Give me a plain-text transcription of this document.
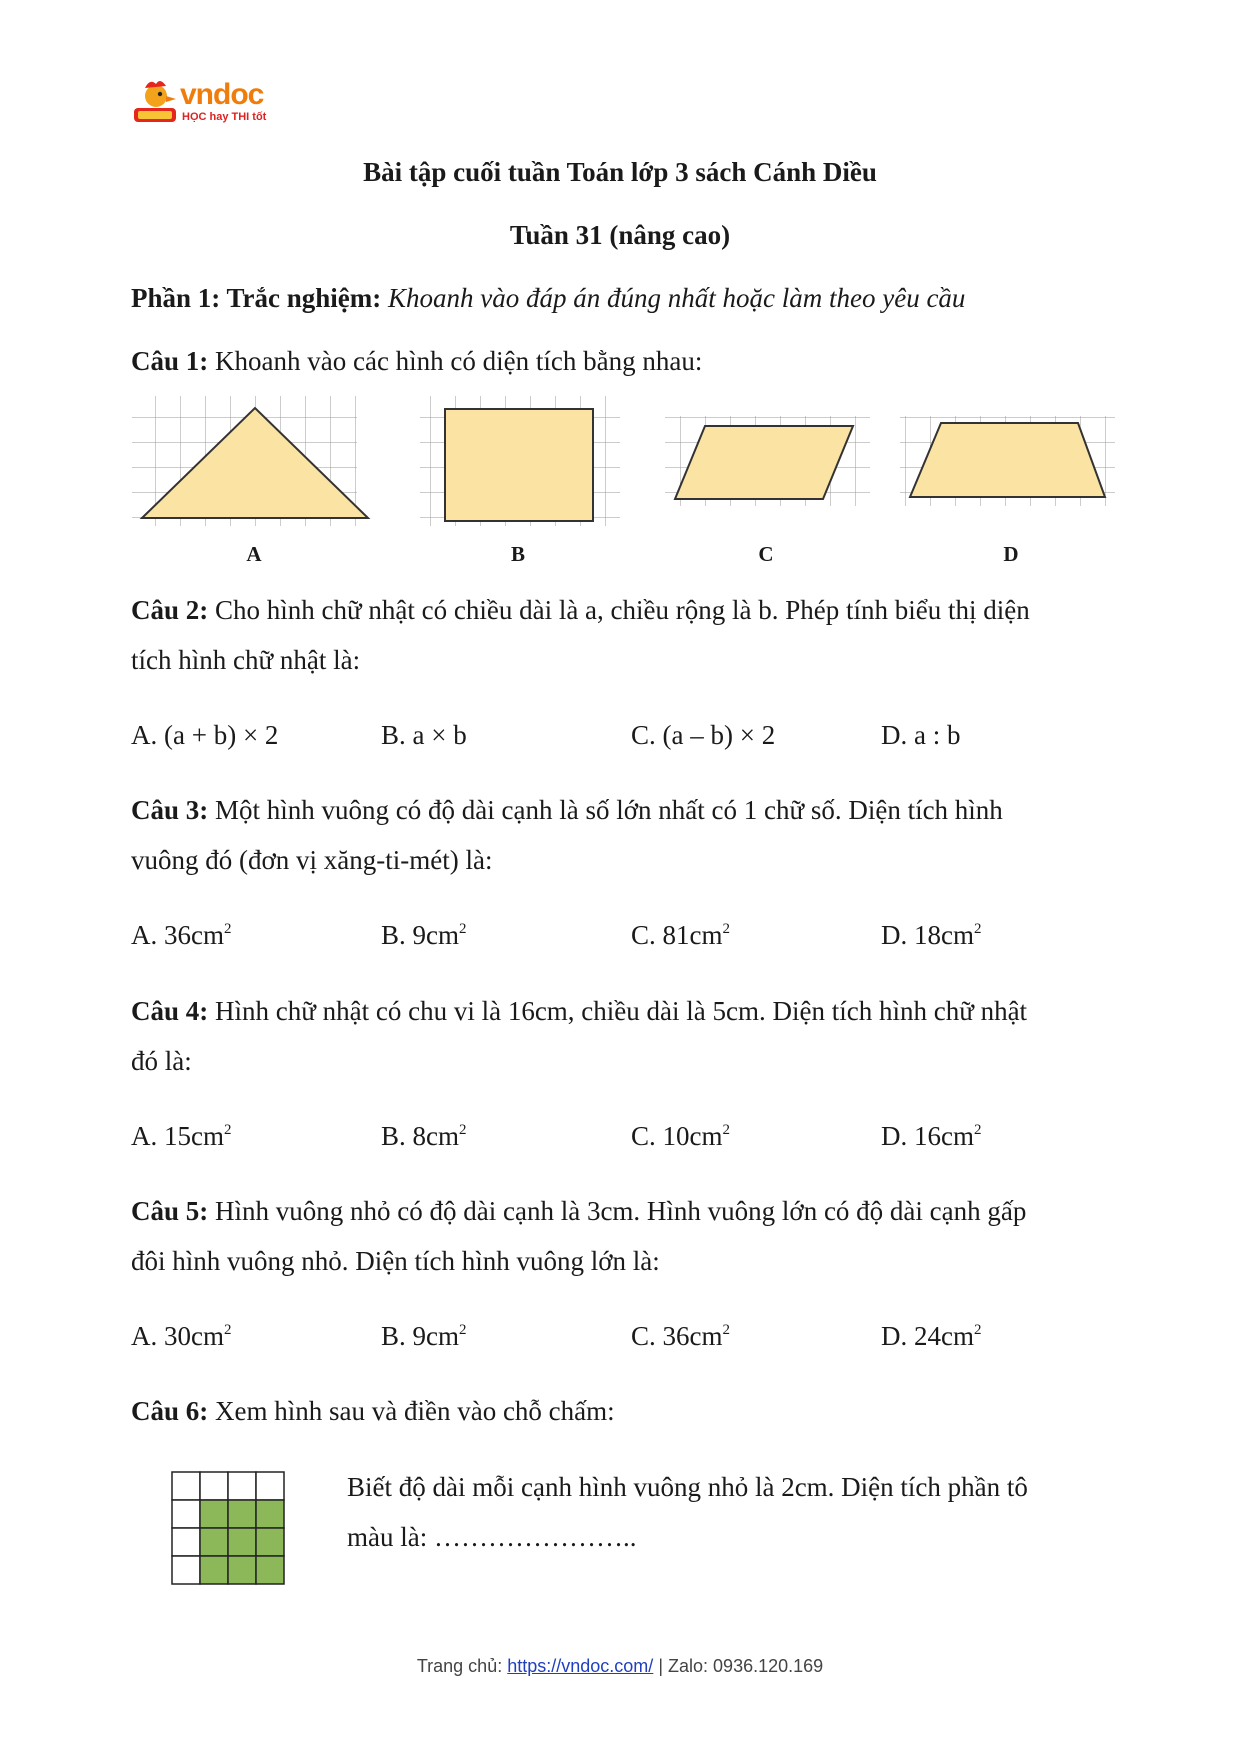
vndoc
HỌC hay THI tốt
Bài tập cuối tuần Toán lớp 3 sách Cánh Diều
Tuần 31 (nâng cao)
Phần 1: Trắc nghiệm: Khoanh vào đáp án đúng nhất hoặc làm theo yêu cầu
Câu 1: Khoanh vào các hình có diện tích bằng nhau:
A	B	C	D
Câu 2: Cho hình chữ nhật có chiều dài là a, chiều rộng là b. Phép tính biểu thị diện
tích hình chữ nhật là:
A. (a + b) × 2	B. a × b	C. (a – b) × 2	D. a : b
Câu 3: Một hình vuông có độ dài cạnh là số lớn nhất có 1 chữ số. Diện tích hình
vuông đó (đơn vị xăng-ti-mét) là:
A. $36cm^2$	B. $9cm^2$	C. $81cm^2$	D. $18cm^2$
Câu 4: Hình chữ nhật có chu vi là 16cm, chiều dài là 5cm. Diện tích hình chữ nhật
đó là:
A. $15cm^2$	B. $8cm^2$	C. $10cm^2$	D. $16cm^2$
Câu 5: Hình vuông nhỏ có độ dài cạnh là 3cm. Hình vuông lớn có độ dài cạnh gấp
đôi hình vuông nhỏ. Diện tích hình vuông lớn là:
A. $30cm^2$	B. $9cm^2$	C. $36cm^2$	D. $24cm^2$
Câu 6: Xem hình sau và điền vào chỗ chấm:
Biết độ dài mỗi cạnh hình vuông nhỏ là 2cm. Diện tích phần tô
màu là: …………………..
Trang chủ: https://vndoc.com/ | Zalo: 0936.120.169
